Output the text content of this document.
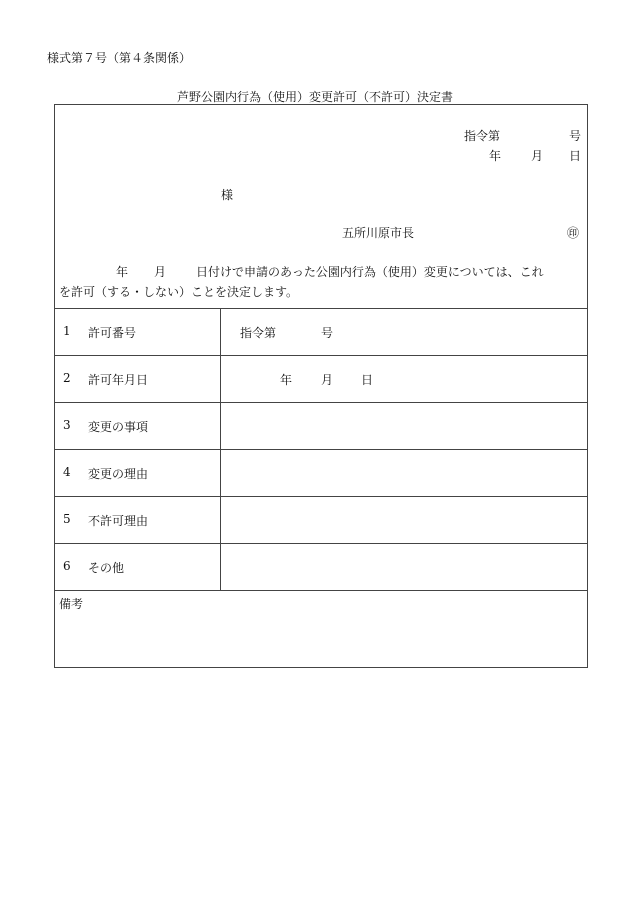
様式第７号（第４条関係）
芦野公園内行為（使用）変更許可（不許可）決定書
指令第	号
年 月 日
様
五所川原市長	㊞
年 月 日付けで申請のあった公園内行為（使用）変更については、これ
を許可（する・しない）ことを決定します。
1 許可番号	指令第	号
2 許可年月日	年 月 日
3 変更の事項
4 変更の理由
5 不許可理由
6 その他
備考
